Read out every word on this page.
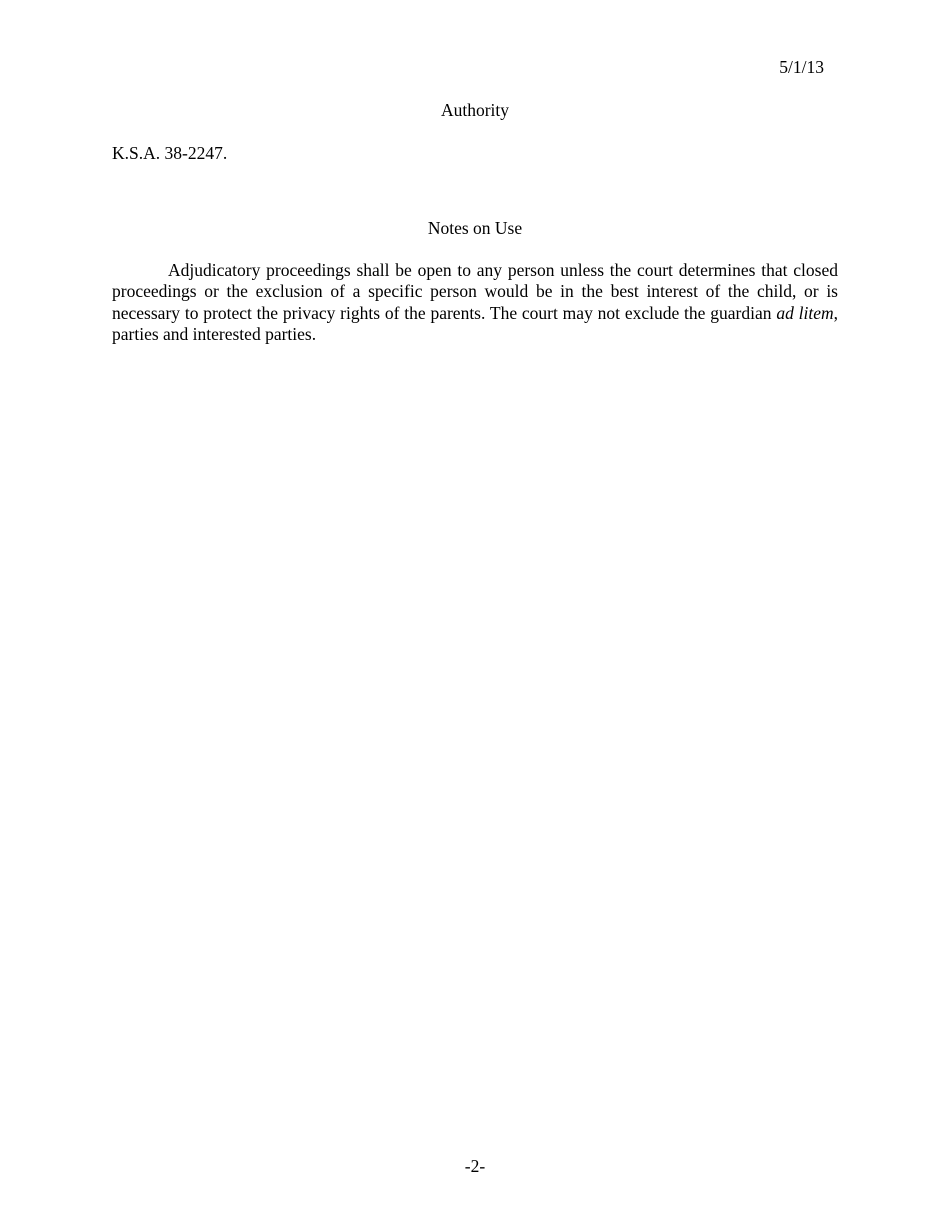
5/1/13
Authority
K.S.A. 38-2247.
Notes on Use

Adjudicatory proceedings shall be open to any person unless the court determines that closed proceedings or the exclusion of a specific person would be in the best interest of the child, or is necessary to protect the privacy rights of the parents. The court may not exclude the guardian ad litem, parties and interested parties.

-2-
